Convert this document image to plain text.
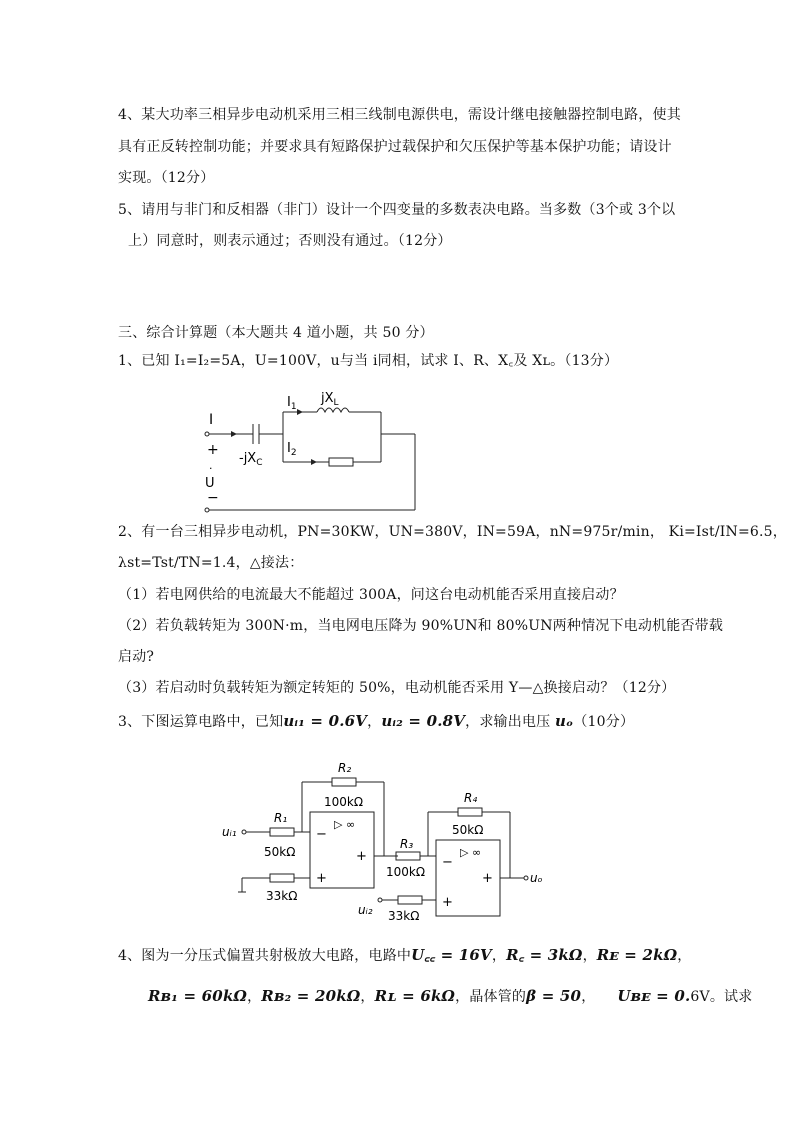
4、某大功率三相异步电动机采用三相三线制电源供电，需设计继电接触器控制电路，使其
具有正反转控制功能；并要求具有短路保护过载保护和欠压保护等基本保护功能；请设计
实现。（12分）
5、请用与非门和反相器（非门）设计一个四变量的多数表决电路。当多数（3个或 3个以
上）同意时，则表示通过；否则没有通过。（12分）
三、综合计算题（本大题共 4 道小题，共 50 分）
1、已知 I₁=I₂=5A，U=100V，u与当 i同相，试求 I、R、X꜀及 Xʟ。（13分）
I
+
·
U
−
$I_1$
$I_2$
$jX_L$
$-jX_C$
2、有一台三相异步电动机，PN=30KW，UN=380V，IN=59A，nN=975r/min， Ki=Ist/IN=6.5，
λst=Tst/TN=1.4，△接法：
（1）若电网供给的电流最大不能超过 300A，问这台电动机能否采用直接启动？
（2）若负载转矩为 300N·m，当电网电压降为 90%UN和 80%UN两种情况下电动机能否带载
启动?
（3）若启动时负载转矩为额定转矩的 50%，电动机能否采用 Y—△换接启动？（12分）
3、下图运算电路中，已知uᵢ₁ = 0.6V，uᵢ₂ = 0.8V，求输出电压 uₒ（10分）
R₂
100kΩ
R₁
50kΩ
uᵢ₁
33kΩ
▷ ∞
−
+
+
R₃
100kΩ
R₄
50kΩ
▷ ∞
−
+
+	uₒ
uᵢ₂ 33kΩ
4、图为一分压式偏置共射极放大电路，电路中U꜀꜀ = 16V，R꜀ = 3kΩ，Rᴇ = 2kΩ，
Rʙ₁ = 60kΩ，Rʙ₂ = 20kΩ，Rʟ = 6kΩ，晶体管的β = 50， Uʙᴇ = 0.6V。试求
